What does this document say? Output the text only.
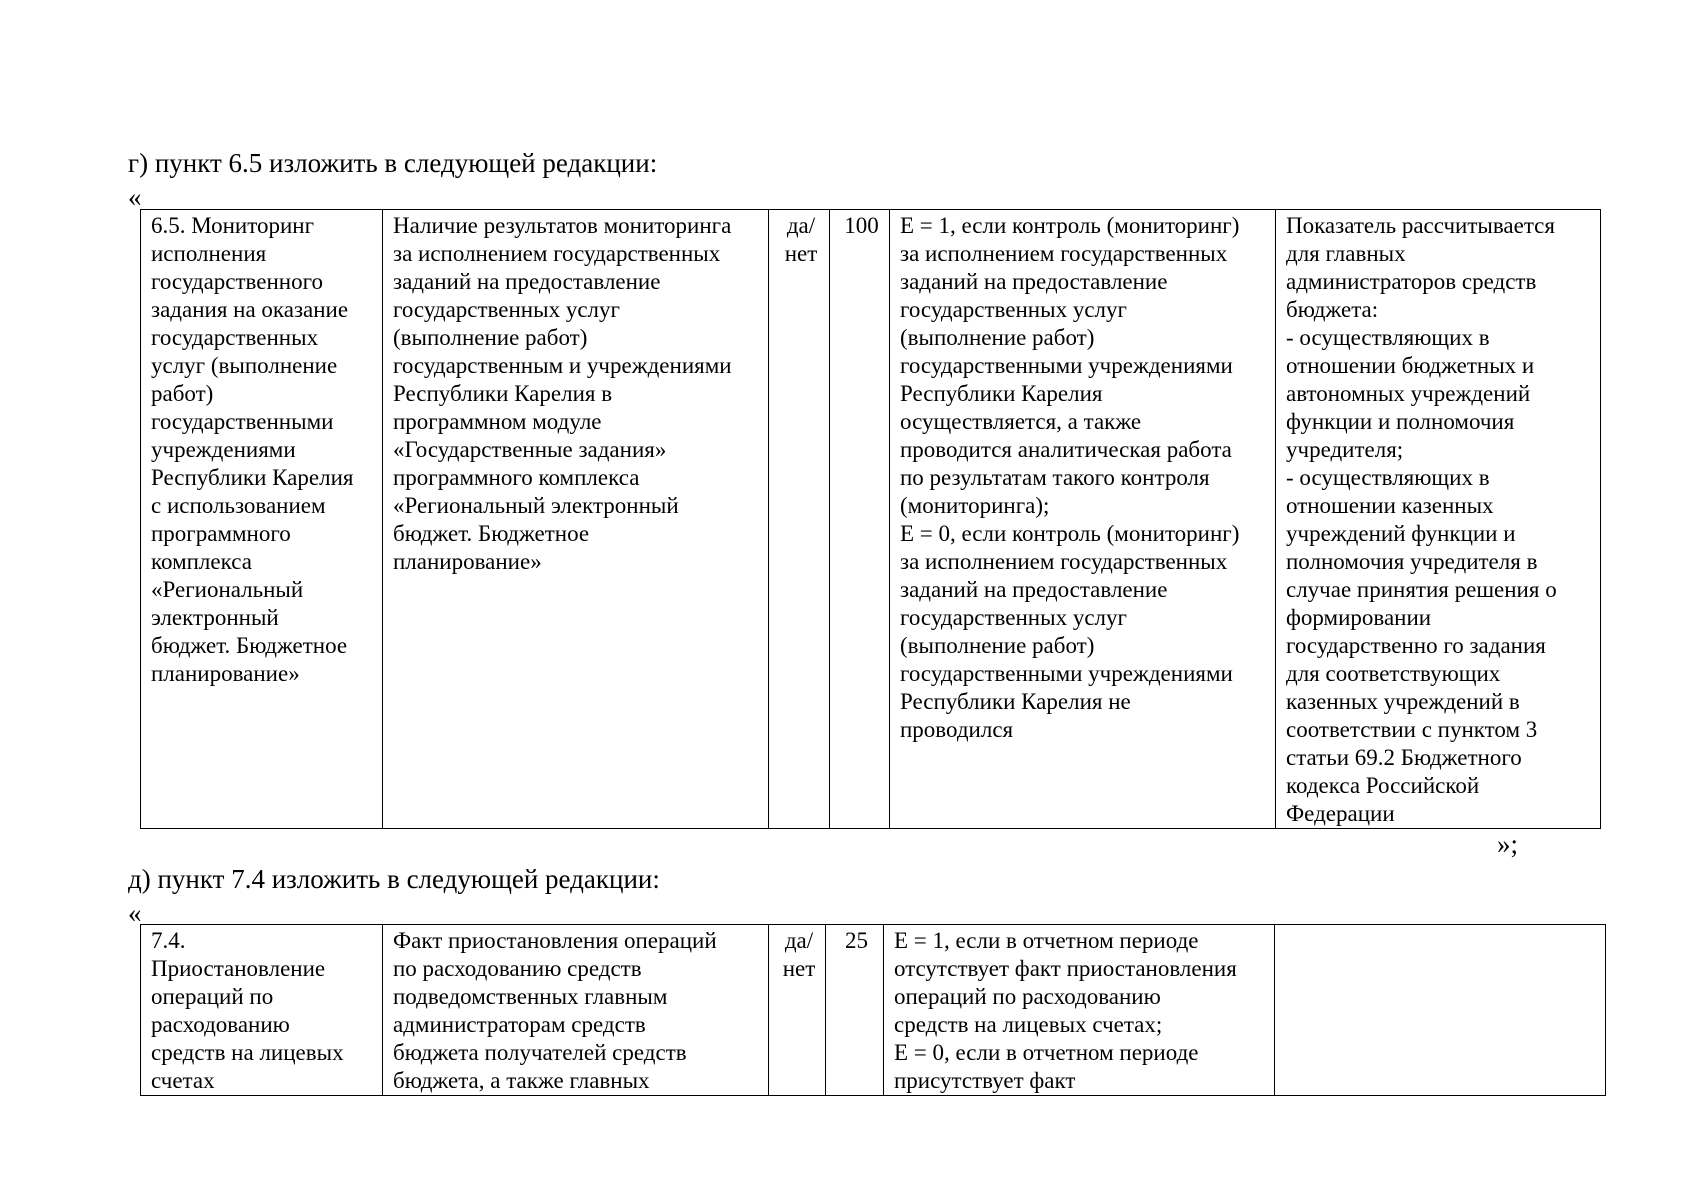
г) пункт 6.5 изложить в следующей редакции:
«
6.5. Мониторинг
исполнения
государственного
задания на оказание
государственных
услуг (выполнение
работ)
государственными
учреждениями
Республики Карелия
с использованием
программного
комплекса
«Региональный
электронный
бюджет. Бюджетное
планирование»	Наличие результатов мониторинга
за исполнением государственных
заданий на предоставление
государственных услуг
(выполнение работ)
государственным и учреждениями
Республики Карелия в
программном модуле
«Государственные задания»
программного комплекса
«Региональный электронный
бюджет. Бюджетное
планирование»	да/
нет	100	Е = 1, если контроль (мониторинг)
за исполнением государственных
заданий на предоставление
государственных услуг
(выполнение работ)
государственными учреждениями
Республики Карелия
осуществляется, а также
проводится аналитическая работа
по результатам такого контроля
(мониторинга);
Е = 0, если контроль (мониторинг)
за исполнением государственных
заданий на предоставление
государственных услуг
(выполнение работ)
государственными учреждениями
Республики Карелия не
проводился	Показатель рассчитывается
для главных
администраторов средств
бюджета:
- осуществляющих в
отношении бюджетных и
автономных учреждений
функции и полномочия
учредителя;
- осуществляющих в
отношении казенных
учреждений функции и
полномочия учредителя в
случае принятия решения о
формировании
государственно го задания
для соответствующих
казенных учреждений в
соответствии с пунктом 3
статьи 69.2 Бюджетного
кодекса Российской
Федерации
»;
д) пункт 7.4 изложить в следующей редакции:
«
7.4.
Приостановление
операций по
расходованию
средств на лицевых
счетах	Факт приостановления операций
по расходованию средств
подведомственных главным
администраторам средств
бюджета получателей средств
бюджета, а также главных	да/
нет	25	Е = 1, если в отчетном периоде
отсутствует факт приостановления
операций по расходованию
средств на лицевых счетах;
Е = 0, если в отчетном периоде
присутствует факт	
